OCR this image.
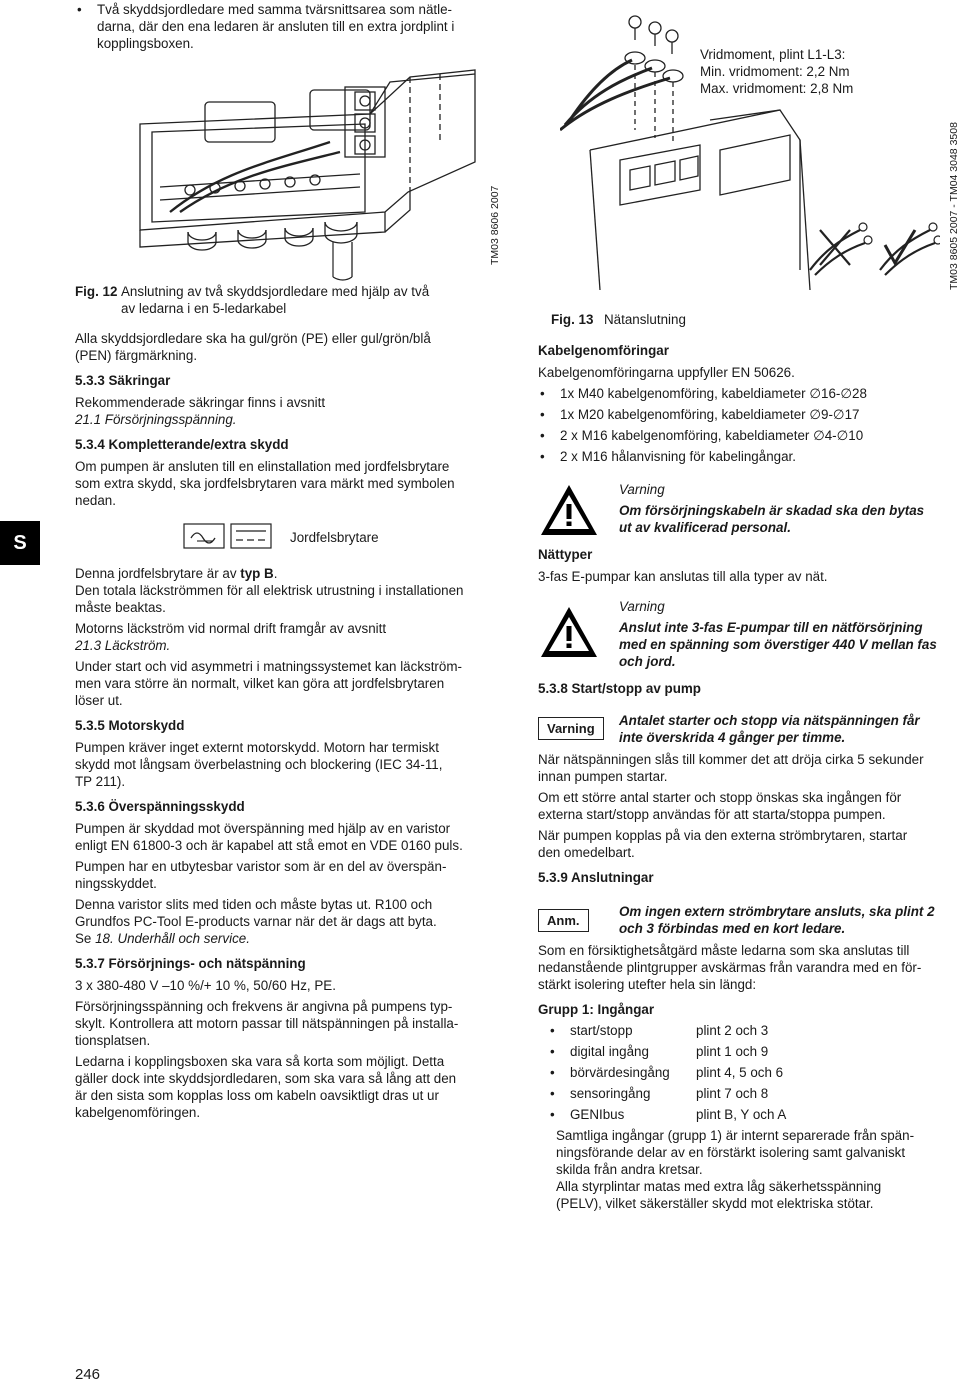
S
• Två skyddsjordledare med samma tvärsnittsarea som nätle-
darna, där den ena ledaren är ansluten till en extra jordplint i
kopplingsboxen.
TM03 8606 2007
Fig. 12 Anslutning av två skyddsjordledare med hjälp av två
av ledarna i en 5-ledarkabel

Alla skyddsjordledare ska ha gul/grön (PE) eller gul/grön/blå
(PEN) färgmärkning.

5.3.3 Säkringar

Rekommenderade säkringar finns i avsnitt

21.1 Försörjningsspänning.

5.3.4 Kompletterande/extra skydd

Om pumpen är ansluten till en elinstallation med jordfelsbrytare
som extra skydd, ska jordfelsbrytaren vara märkt med symbolen
nedan.

Jordfelsbrytare

Denna jordfelsbrytare är av typ B.

Den totala läckströmmen för all elektrisk utrustning i installationen
måste beaktas.

Motorns läckström vid normal drift framgår av avsnitt

21.3 Läckström.

Under start och vid asymmetri i matningssystemet kan läckström-
men vara större än normalt, vilket kan göra att jordfelsbrytaren
löser ut.

5.3.5 Motorskydd

Pumpen kräver inget externt motorskydd. Motorn har termiskt
skydd mot långsam överbelastning och blockering (IEC 34-11,
TP 211).

5.3.6 Överspänningsskydd

Pumpen är skyddad mot överspänning med hjälp av en varistor
enligt EN 61800-3 och är kapabel att stå emot en VDE 0160 puls.

Pumpen har en utbytesbar varistor som är en del av överspän-
ningsskyddet.

Denna varistor slits med tiden och måste bytas ut. R100 och
Grundfos PC-Tool E-products varnar när det är dags att byta.
Se 18. Underhåll och service.

5.3.7 Försörjnings- och nätspänning

3 x 380-480 V –10 %/+ 10 %, 50/60 Hz, PE.

Försörjningsspänning och frekvens är angivna på pumpens typ-
skylt. Kontrollera att motorn passar till nätspänningen på installa-
tionsplatsen.

Ledarna i kopplingsboxen ska vara så korta som möjligt. Detta
gäller dock inte skyddsjordledaren, som ska vara så lång att den
är den sista som kopplas loss om kabeln oavsiktligt dras ut ur
kabelgenomföringen.

Vridmoment, plint L1-L3:
Min. vridmoment: 2,2 Nm
Max. vridmoment: 2,8 Nm
TM03 8605 2007 - TM04 3048 3508
Fig. 13 Nätanslutning

Kabelgenomföringar

Kabelgenomföringarna uppfyller EN 50626.

• 1x M40 kabelgenomföring, kabeldiameter ∅16-∅28
• 1x M20 kabelgenomföring, kabeldiameter ∅9-∅17
• 2 x M16 kabelgenomföring, kabeldiameter ∅4-∅10
• 2 x M16 hålanvisning för kabelingångar.
Varning
Om försörjningskabeln är skadad ska den bytas
ut av kvalificerad personal.

Nättyper

3-fas E-pumpar kan anslutas till alla typer av nät.

Varning
Anslut inte 3-fas E-pumpar till en nätförsörjning
med en spänning som överstiger 440 V mellan fas
och jord.

5.3.8 Start/stopp av pump

Varning
Antalet starter och stopp via nätspänningen får
inte överskrida 4 gånger per timme.

När nätspänningen slås till kommer det att dröja cirka 5 sekunder
innan pumpen startar.

Om ett större antal starter och stopp önskas ska ingången för
externa start/stopp användas för att starta/stoppa pumpen.

När pumpen kopplas på via den externa strömbrytaren, startar
den omedelbart.

5.3.9 Anslutningar

Anm.
Om ingen extern strömbrytare ansluts, ska plint 2
och 3 förbindas med en kort ledare.

Som en försiktighetsåtgärd måste ledarna som ska anslutas till
nedanstående plintgrupper avskärmas från varandra med en för-
stärkt isolering utefter hela sin längd:

Grupp 1: Ingångar

• start/stopp	plint 2 och 3
• digital ingång	plint 1 och 9
• börvärdesingång	plint 4, 5 och 6
• sensoringång	plint 7 och 8
• GENIbus	plint B, Y och A

Samtliga ingångar (grupp 1) är internt separerade från spän-
ningsförande delar av en förstärkt isolering samt galvaniskt
skilda från andra kretsar.

Alla styrplintar matas med extra låg säkerhetsspänning
(PELV), vilket säkerställer skydd mot elektriska stötar.

246
